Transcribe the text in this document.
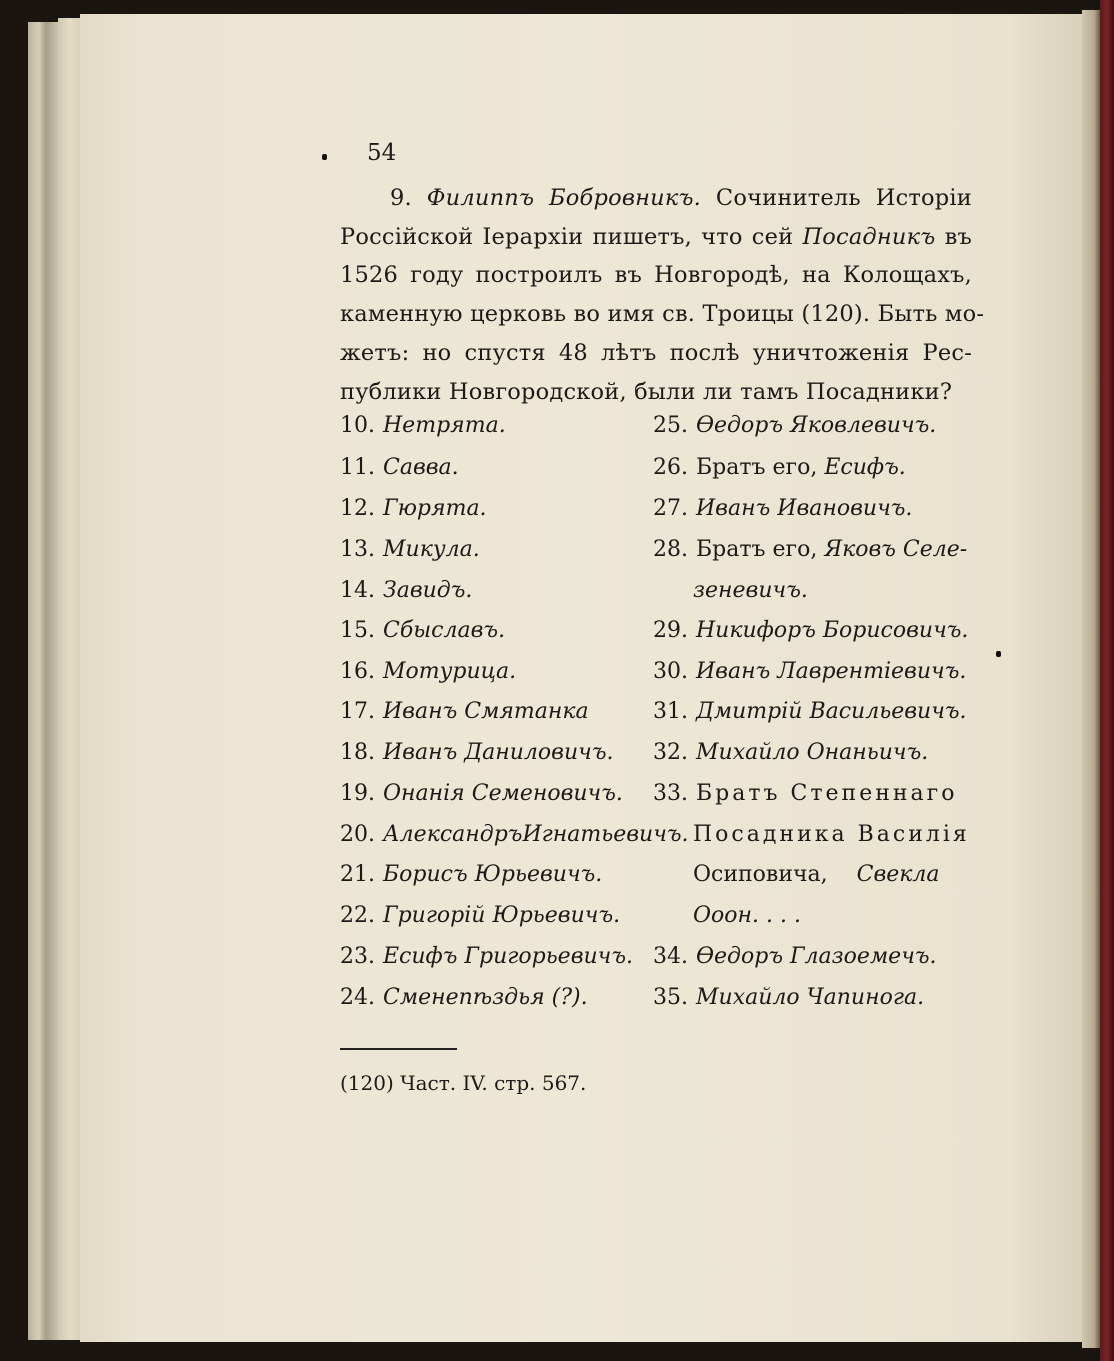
54
9. Филиппъ Бобровникъ. Сочинитель Исторіи
Россійской Іерархіи пишетъ, что сей Посадникъ въ
1526 году построилъ въ Новгородѣ, на Колощахъ,
каменную церковь во имя св. Троицы (120). Быть мо-
жетъ: но спустя 48 лѣтъ послѣ уничтоженія Рес-
публики Новгородской, были ли тамъ Посадники?
10. Нетрята.
11. Савва.
12. Гюрята.
13. Микула.
14. Завидъ.
15. Сбыславъ.
16. Мотурица.
17. Иванъ Смятанка
18. Иванъ Даниловичъ.
19. Онанія Семеновичъ.
20. АлександръИгнатьевичъ.
21. Борисъ Юрьевичъ.
22. Григорій Юрьевичъ.
23. Есифъ Григорьевичъ.
24. Сменепѣздья (?).
25. Ѳедоръ Яковлевичъ.
26. Братъ его, Есифъ.
27. Иванъ Ивановичъ.
28. Братъ его, Яковъ Селе-
зеневичъ.
29. Никифоръ Борисовичъ.
30. Иванъ Лаврентіевичъ.
31. Дмитрій Васильевичъ.
32. Михайло Онаньичъ.
33. Братъ Степеннаго
Посадника Василія
Осиповича, Свекла
Ооон. . . .
34. Ѳедоръ Глазоемечъ.
35. Михайло Чапинога.
(120) Част. IV. стр. 567.
